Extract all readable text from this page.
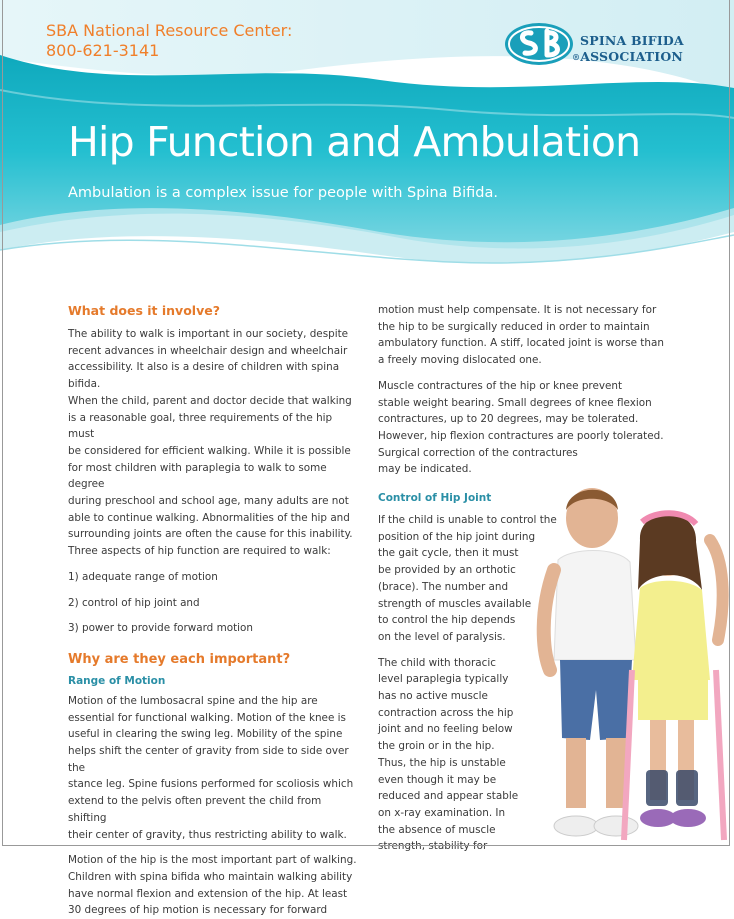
SBA National Resource Center:
800-621-3141
SPINA BIFIDA
®ASSOCIATION
Hip Function and Ambulation

Ambulation is a complex issue for people with Spina Bifida.

What does it involve?
The ability to walk is important in our society, despite
recent advances in wheelchair design and wheelchair
accessibility. It also is a desire of children with spina bifida.
When the child, parent and doctor decide that walking
is a reasonable goal, three requirements of the hip must
be considered for efficient walking. While it is possible
for most children with paraplegia to walk to some degree
during preschool and school age, many adults are not
able to continue walking. Abnormalities of the hip and
surrounding joints are often the cause for this inability.
Three aspects of hip function are required to walk:
1) adequate range of motion
2) control of hip joint and
3) power to provide forward motion
Why are they each important?
Range of Motion
Motion of the lumbosacral spine and the hip are
essential for functional walking. Motion of the knee is
useful in clearing the swing leg. Mobility of the spine
helps shift the center of gravity from side to side over the
stance leg. Spine fusions performed for scoliosis which
extend to the pelvis often prevent the child from shifting
their center of gravity, thus restricting ability to walk.
Motion of the hip is the most important part of walking.
Children with spina bifida who maintain walking ability
have normal flexion and extension of the hip. At least
30 degrees of hip motion is necessary for forward
motion must help compensate. It is not necessary for
the hip to be surgically reduced in order to maintain
ambulatory function. A stiff, located joint is worse than
a freely moving dislocated one.
Muscle contractures of the hip or knee prevent
stable weight bearing. Small degrees of knee flexion
contractures, up to 20 degrees, may be tolerated.
However, hip flexion contractures are poorly tolerated.
Surgical correction of the contractures
may be indicated.
Control of Hip Joint
If the child is unable to control the
position of the hip joint during
the gait cycle, then it must
be provided by an orthotic
(brace). The number and
strength of muscles available
to control the hip depends
on the level of paralysis.
The child with thoracic
level paraplegia typically
has no active muscle
contraction across the hip
joint and no feeling below
the groin or in the hip.
Thus, the hip is unstable
even though it may be
reduced and appear stable
on x-ray examination. In
the absence of muscle
strength, stability for
